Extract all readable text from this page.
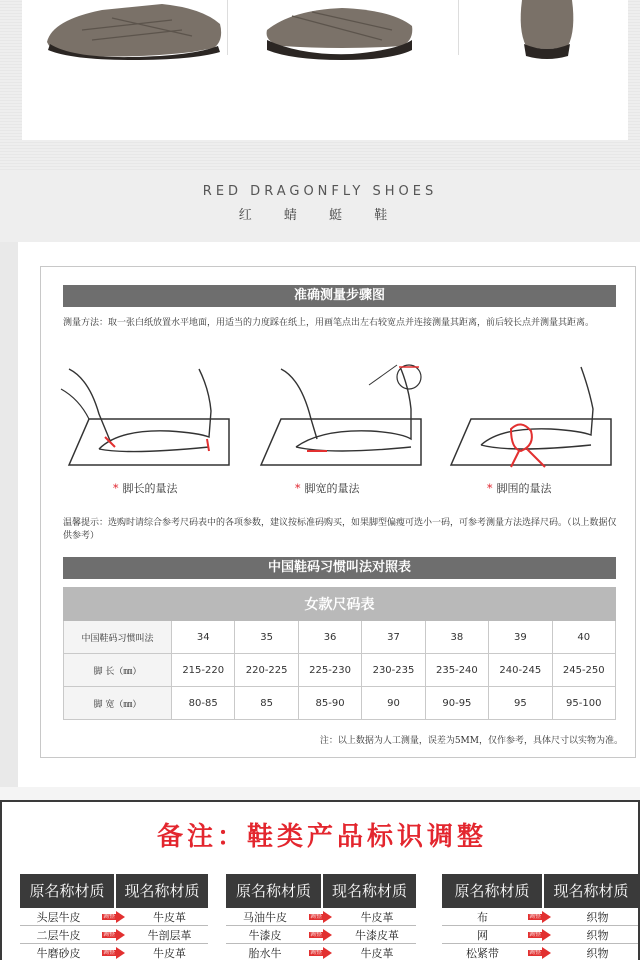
RED DRAGONFLY SHOES
红 蜻 蜓 鞋
准确测量步骤图
测量方法：取一张白纸放置水平地面，用适当的力度踩在纸上，用画笔点出左右较宽点并连接测量其距离，前后较长点并测量其距离。
* 脚长的量法	* 脚宽的量法	* 脚围的量法
温馨提示：选购时请综合参考尺码表中的各项参数，建议按标准码购买，如果脚型偏瘦可选小一码，可参考测量方法选择尺码。（以上数据仅供参考）
中国鞋码习惯叫法对照表
女款尺码表							
中国鞋码习惯叫法	34	35	36	37	38	39	40
脚 长（㎜）	215-220	220-225	225-230	230-235	235-240	240-245	245-250
脚 宽（㎜）	80-85	85	85-90	90	90-95	95	95-100
注：以上数据为人工测量，误差为5MM，仅作参考，具体尺寸以实物为准。
备注：鞋类产品标识调整
原名称材质	现名称材质
头层牛皮	调整	牛皮革
二层牛皮	调整	牛剖层革
牛磨砂皮	调整	牛皮革
原名称材质	现名称材质
马油牛皮	调整	牛皮革
牛漆皮	调整	牛漆皮革
胎水牛	调整	牛皮革
原名称材质	现名称材质
布	调整	织物
网	调整	织物
松紧带	调整	织物
